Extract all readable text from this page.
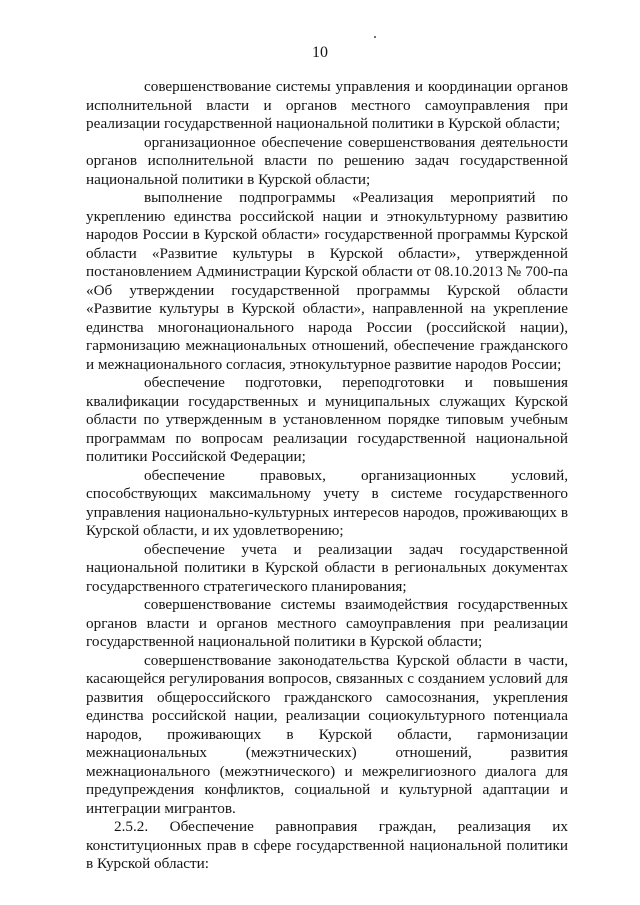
10

совершенствование системы управления и координации органов исполнительной власти и органов местного самоуправления при реализации государственной национальной политики в Курской области;

организационное обеспечение совершенствования деятельности органов исполнительной власти по решению задач государственной национальной политики в Курской области;

выполнение подпрограммы «Реализация мероприятий по укреплению единства российской нации и этнокультурному развитию народов России в Курской области» государственной программы Курской области «Развитие культуры в Курской области», утвержденной постановлением Администрации Курской области от 08.10.2013 № 700-па «Об утверждении государственной программы Курской области «Развитие культуры в Курской области», направленной на укрепление единства многонационального народа России (российской нации), гармонизацию межнациональных отношений, обеспечение гражданского и межнационального согласия, этнокультурное развитие народов России;

обеспечение подготовки, переподготовки и повышения квалификации государственных и муниципальных служащих Курской области по утвержденным в установленном порядке типовым учебным программам по вопросам реализации государственной национальной политики Российской Федерации;

обеспечение правовых, организационных условий, способствующих максимальному учету в системе государственного управления национально-культурных интересов народов, проживающих в Курской области, и их удовлетворению;

обеспечение учета и реализации задач государственной национальной политики в Курской области в региональных документах государственного стратегического планирования;

совершенствование системы взаимодействия государственных органов власти и органов местного самоуправления при реализации государственной национальной политики в Курской области;

совершенствование законодательства Курской области в части, касающейся регулирования вопросов, связанных с созданием условий для развития общероссийского гражданского самосознания, укрепления единства российской нации, реализации социокультурного потенциала народов, проживающих в Курской области, гармонизации межнациональных (межэтнических) отношений, развития межнационального (межэтнического) и межрелигиозного диалога для предупреждения конфликтов, социальной и культурной адаптации и интеграции мигрантов.

2.5.2. Обеспечение равноправия граждан, реализация их конституционных прав в сфере государственной национальной политики в Курской области:
